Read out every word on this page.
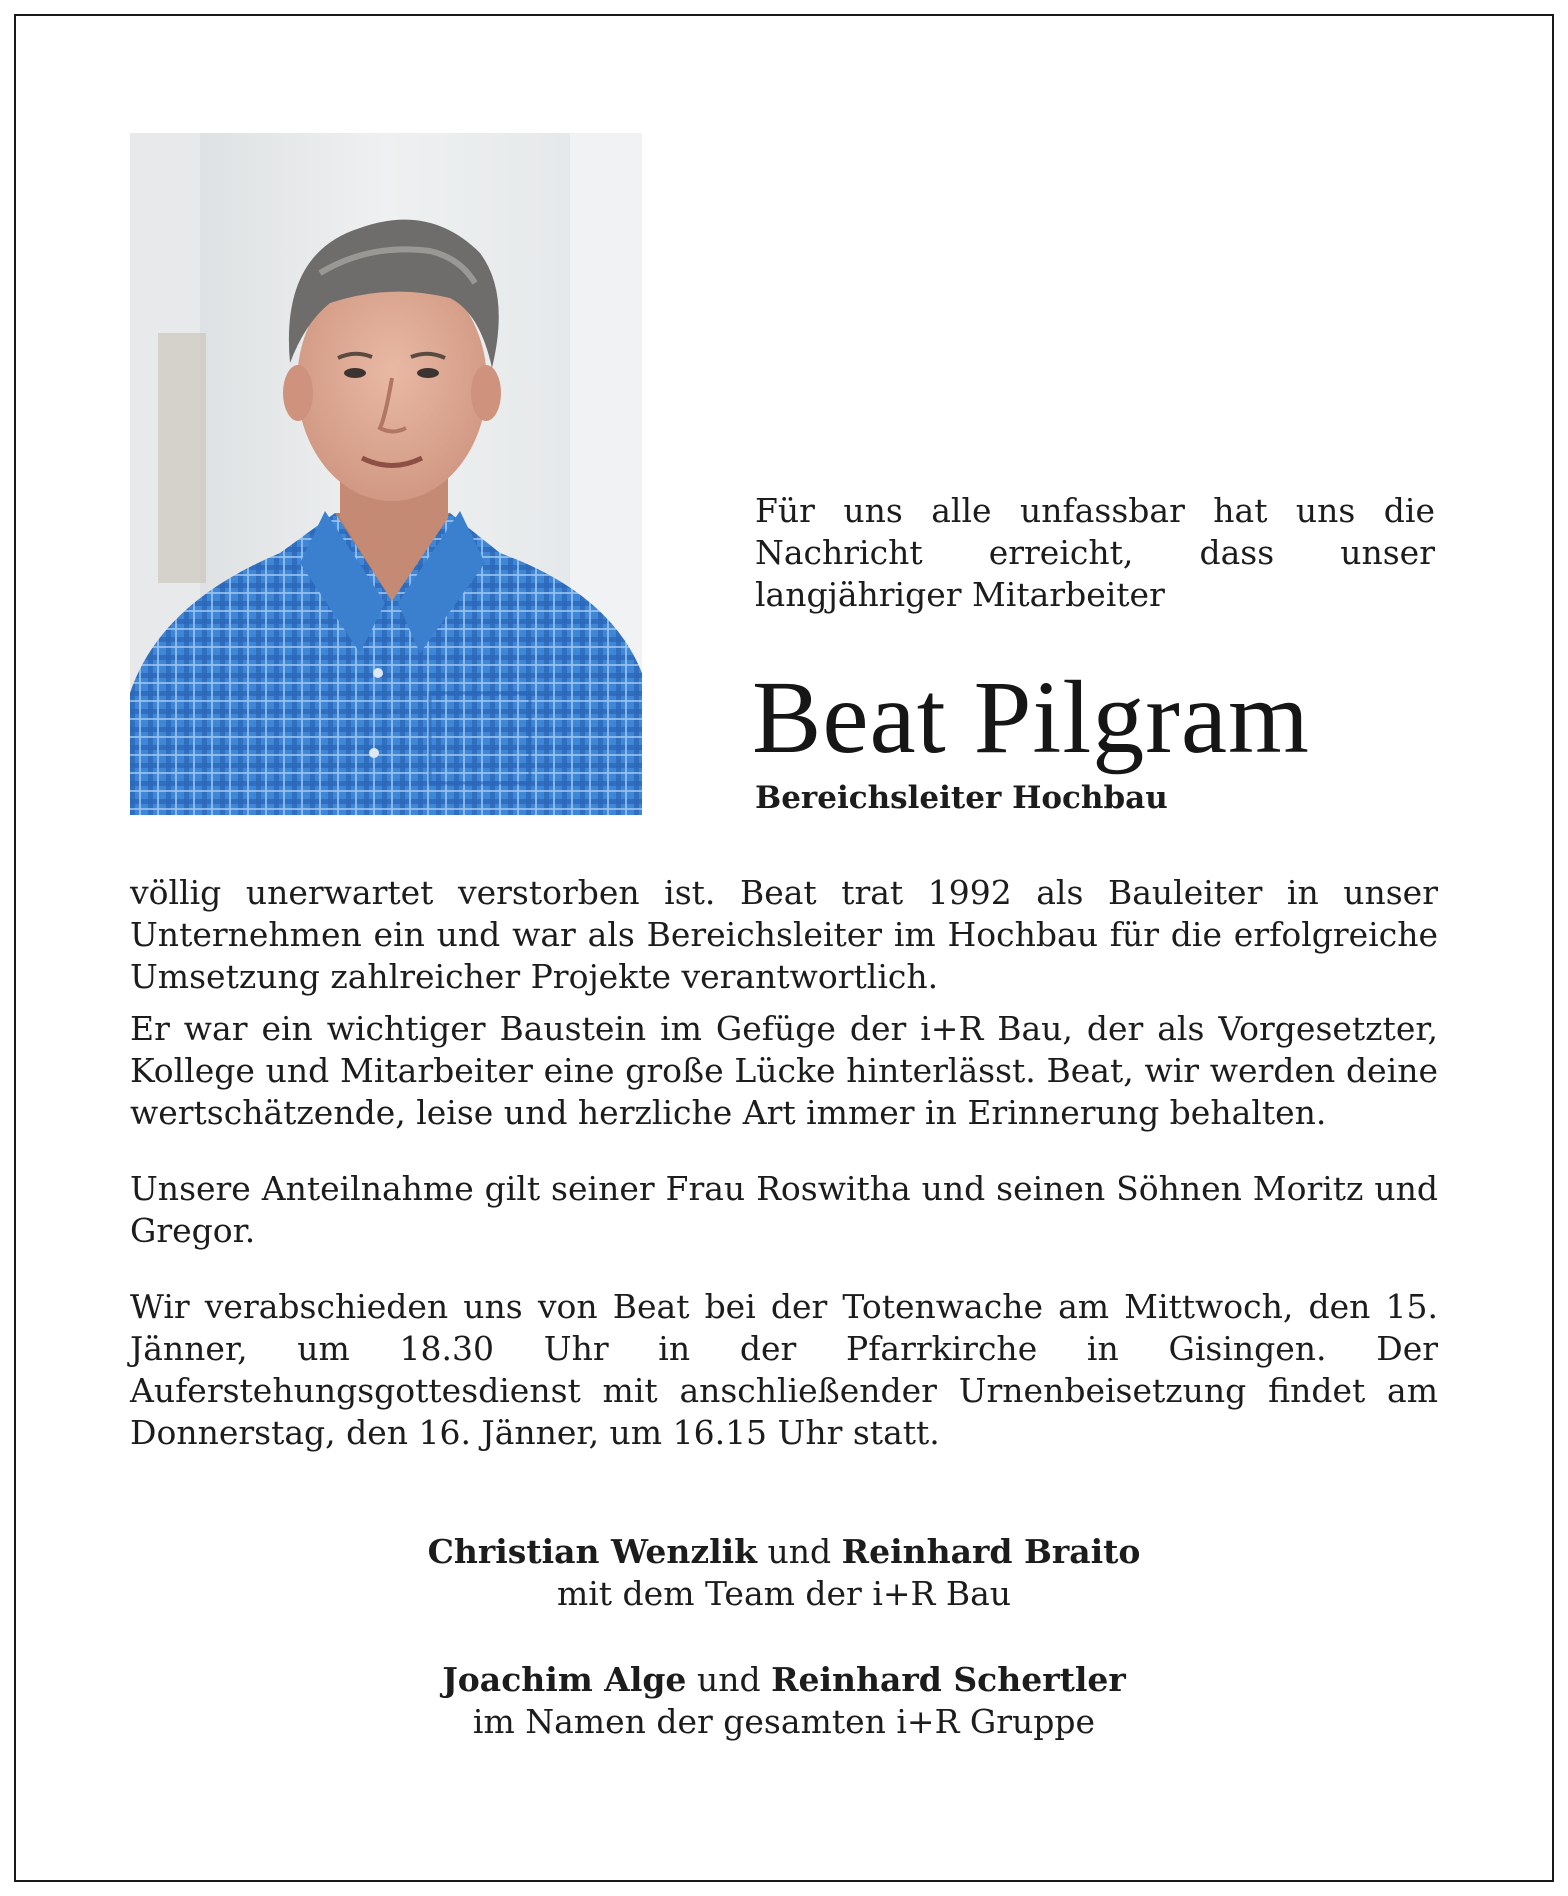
Für uns alle unfassbar hat uns die Nachricht erreicht, dass unser langjähriger Mitarbeiter

Beat Pilgram

Bereichsleiter Hochbau

völlig unerwartet verstorben ist. Beat trat 1992 als Bauleiter in unser Unternehmen ein und war als Bereichsleiter im Hochbau für die erfolgreiche Umsetzung zahlreicher Projekte verantwortlich.

Er war ein wichtiger Baustein im Gefüge der i+R Bau, der als Vorgesetzter, Kollege und Mitarbeiter eine große Lücke hinterlässt. Beat, wir werden deine wertschätzende, leise und herzliche Art immer in Erinnerung behalten.

Unsere Anteilnahme gilt seiner Frau Roswitha und seinen Söhnen Moritz und Gregor.

Wir verabschieden uns von Beat bei der Totenwache am Mittwoch, den 15. Jänner, um 18.30 Uhr in der Pfarrkirche in Gisingen. Der Auferstehungsgottesdienst mit anschließender Urnenbeisetzung findet am Donnerstag, den 16. Jänner, um 16.15 Uhr statt.

Christian Wenzlik und Reinhard Braito

mit dem Team der i+R Bau

Joachim Alge und Reinhard Schertler

im Namen der gesamten i+R Gruppe
